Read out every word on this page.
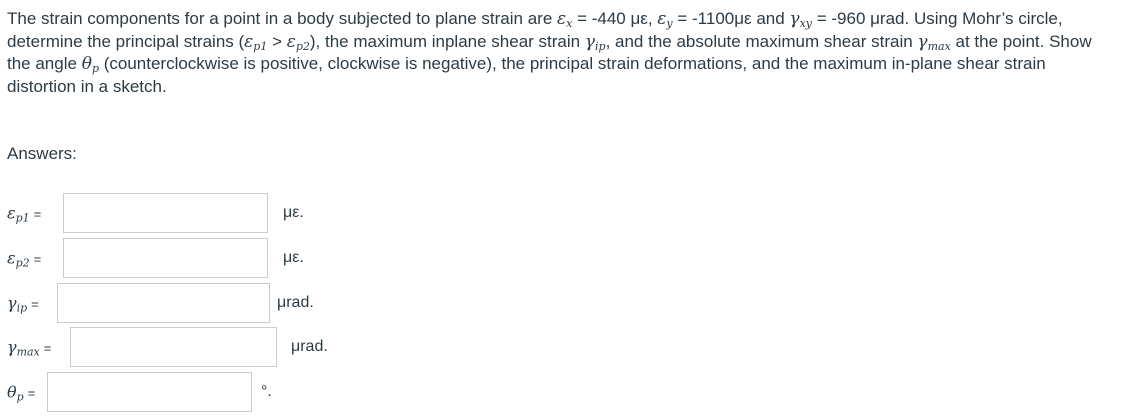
The strain components for a point in a body subjected to plane strain are $\varepsilon_x = -440$ με, $\varepsilon_y = -1100\mu\varepsilon$ and $\gamma_{xy} = -960$ μrad. Using Mohr’s circle, determine the principal strains $(\varepsilon_{p1} > \varepsilon_{p2})$, the maximum inplane shear strain $\gamma_{ip}$, and the absolute maximum shear strain $\gamma_{max}$ at the point. Show the angle $\theta_p$ (counterclockwise is positive, clockwise is negative), the principal strain deformations, and the maximum in-plane shear strain distortion in a sketch.

Answers:
$\varepsilon_{p1}$ =	με.
$\varepsilon_{p2}$ =	με.
$\gamma_{ip}$ =	μrad.
$\gamma_{max}$ =	μrad.
$\theta_p$ =	°.
